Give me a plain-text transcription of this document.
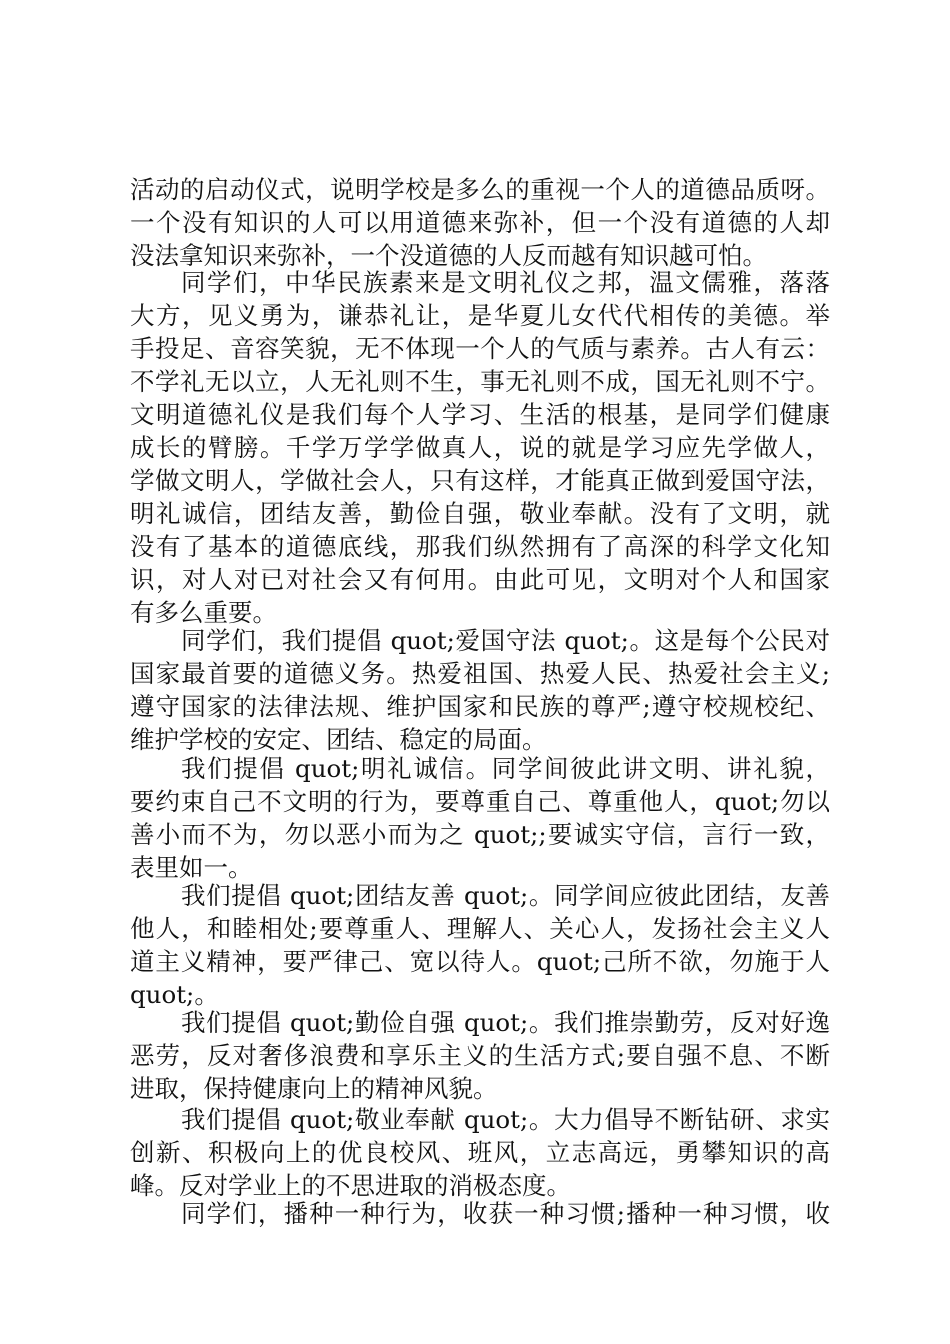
活动的启动仪式，说明学校是多么的重视一个人的道德品质呀。
一个没有知识的人可以用道德来弥补，但一个没有道德的人却
没法拿知识来弥补，一个没道德的人反而越有知识越可怕。
同学们，中华民族素来是文明礼仪之邦，温文儒雅，落落
大方，见义勇为，谦恭礼让，是华夏儿女代代相传的美德。举
手投足、音容笑貌，无不体现一个人的气质与素养。古人有云：
不学礼无以立，人无礼则不生，事无礼则不成，国无礼则不宁。
文明道德礼仪是我们每个人学习、生活的根基，是同学们健康
成长的臂膀。千学万学学做真人，说的就是学习应先学做人，
学做文明人，学做社会人，只有这样，才能真正做到爱国守法，
明礼诚信，团结友善，勤俭自强，敬业奉献。没有了文明，就
没有了基本的道德底线，那我们纵然拥有了高深的科学文化知
识，对人对已对社会又有何用。由此可见，文明对个人和国家
有多么重要。
同学们，我们提倡 quot;爱国守法 quot;。这是每个公民对
国家最首要的道德义务。热爱祖国、热爱人民、热爱社会主义;
遵守国家的法律法规、维护国家和民族的尊严;遵守校规校纪、
维护学校的安定、团结、稳定的局面。
我们提倡 quot;明礼诚信。同学间彼此讲文明、讲礼貌，
要约束自己不文明的行为，要尊重自己、尊重他人，quot;勿以
善小而不为，勿以恶小而为之 quot;;要诚实守信，言行一致，
表里如一。
我们提倡 quot;团结友善 quot;。同学间应彼此团结，友善
他人，和睦相处;要尊重人、理解人、关心人，发扬社会主义人
道主义精神，要严律己、宽以待人。quot;己所不欲，勿施于人
quot;。
我们提倡 quot;勤俭自强 quot;。我们推崇勤劳，反对好逸
恶劳，反对奢侈浪费和享乐主义的生活方式;要自强不息、不断
进取，保持健康向上的精神风貌。
我们提倡 quot;敬业奉献 quot;。大力倡导不断钻研、求实
创新、积极向上的优良校风、班风，立志高远，勇攀知识的高
峰。反对学业上的不思进取的消极态度。
同学们，播种一种行为，收获一种习惯;播种一种习惯，收
